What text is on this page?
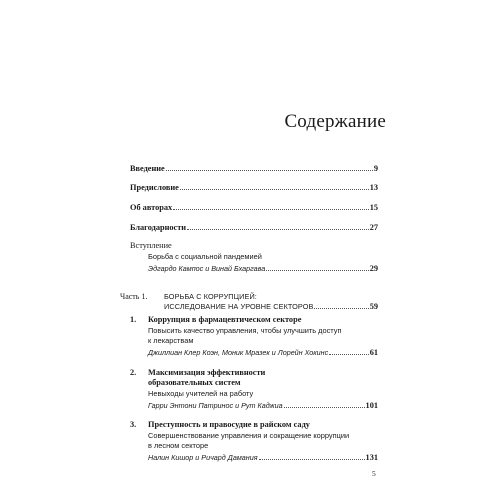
Содержание
Введение	9
Предисловие	13
Об авторах	15
Благодарности	27
Вступление
Борьба с социальной пандемией
Эдгардо Кампос и Винай Бхаргава	29
Часть 1. БОРЬБА С КОРРУПЦИЕЙ:
ИССЛЕДОВАНИЕ НА УРОВНЕ СЕКТОРОВ	59
1. Коррупция в фармацевтическом секторе
Повысить качество управления, чтобы улучшить доступ
к лекарствам
Джиллиан Клер Коэн, Моник Мразек и Лорейн Хокинс	61
2. Максимизация эффективности
образовательных систем
Невыходы учителей на работу
Гарри Энтони Патринос и Рут Каджиа	101
3. Преступность и правосудие в райском саду
Совершенствование управления и сокращение коррупции
в лесном секторе
Налин Кишор и Ричард Дамания	131
5
